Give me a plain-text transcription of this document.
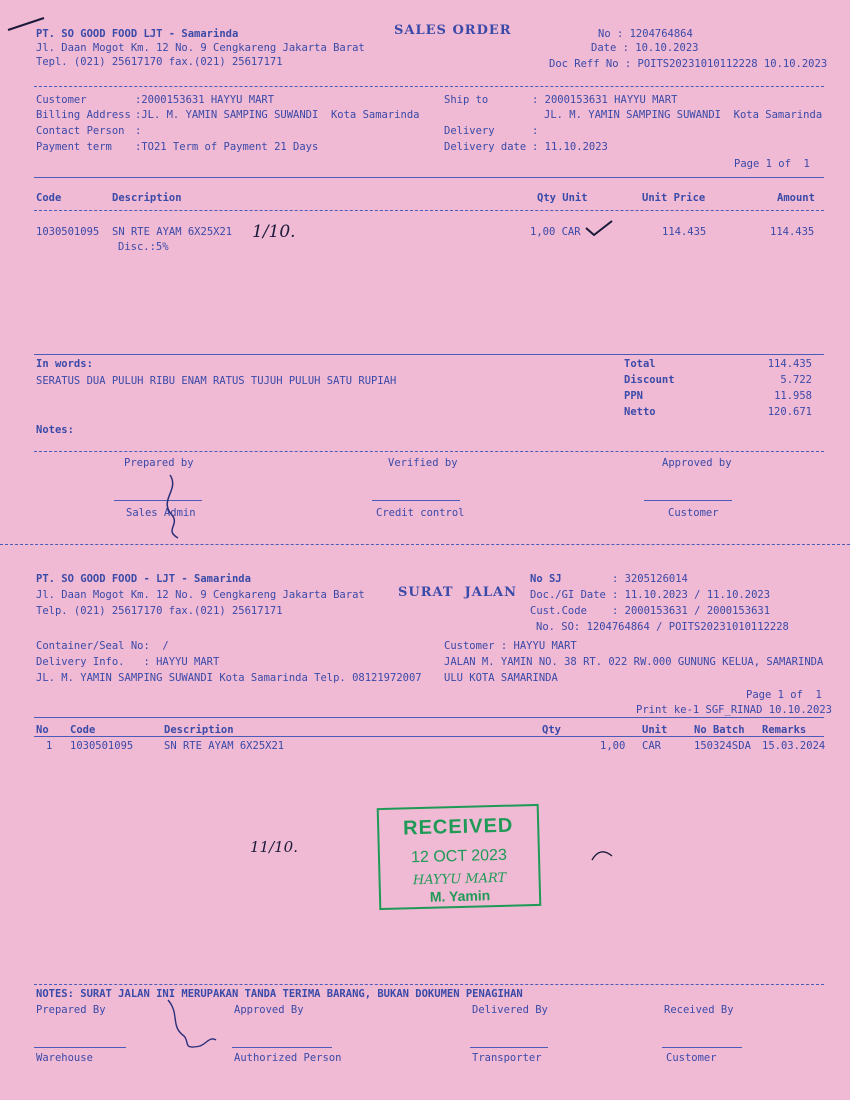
PT. SO GOOD FOOD LJT - Samarinda
Jl. Daan Mogot Km. 12 No. 9 Cengkareng Jakarta Barat
Tepl. (021) 25617170 fax.(021) 25617171
SALES ORDER	No : 1204764864
Date : 10.10.2023
Doc Reff No : POITS20231010112228 10.10.2023
Customer	:2000153631 HAYYU MART
Billing Address :JL. M. YAMIN SAMPING SUWANDI  Kota Samarinda
Contact Person :
Payment term :TO21 Term of Payment 21 Days
Ship to	: 2000153631 HAYYU MART
JL. M. YAMIN SAMPING SUWANDI  Kota Samarinda
Delivery	:
Delivery date : 11.10.2023
Page 1 of  1
Code	Description	Qty Unit	Unit Price	Amount
1030501095 SN RTE AYAM 6X25X21
Disc.:5%
1,00 CAR	114.435	114.435
1/10.
In words:
SERATUS DUA PULUH RIBU ENAM RATUS TUJUH PULUH SATU RUPIAH
Total	114.435
Discount	5.722
PPN	11.958
Netto	120.671
Notes:
Prepared by	Verified by	Approved by
Sales Admin	Credit control	Customer
PT. SO GOOD FOOD - LJT - Samarinda
Jl. Daan Mogot Km. 12 No. 9 Cengkareng Jakarta Barat
Telp. (021) 25617170 fax.(021) 25617171
SURAT  JALAN
No SJ	: 3205126014
Doc./GI Date : 11.10.2023 / 11.10.2023
Cust.Code : 2000153631 / 2000153631
No. SO: 1204764864 / POITS20231010112228
Container/Seal No:  /
Delivery Info.   : HAYYU MART
JL. M. YAMIN SAMPING SUWANDI Kota Samarinda Telp. 08121972007
Customer : HAYYU MART
JALAN M. YAMIN NO. 38 RT. 022 RW.000 GUNUNG KELUA, SAMARINDA
ULU KOTA SAMARINDA
Page 1 of  1
Print ke-1 SGF_RINAD 10.10.2023
No Code	Description	Qty	Unit	No Batch Remarks
1 1030501095	SN RTE AYAM 6X25X21	1,00 CAR	150324SDA 15.03.2024
11/10.
RECEIVED
12 OCT 2023
HAYYU MART
M. Yamin
NOTES: SURAT JALAN INI MERUPAKAN TANDA TERIMA BARANG, BUKAN DOKUMEN PENAGIHAN
Prepared By	Approved By	Delivered By	Received By
Warehouse	Authorized Person	Transporter	Customer
